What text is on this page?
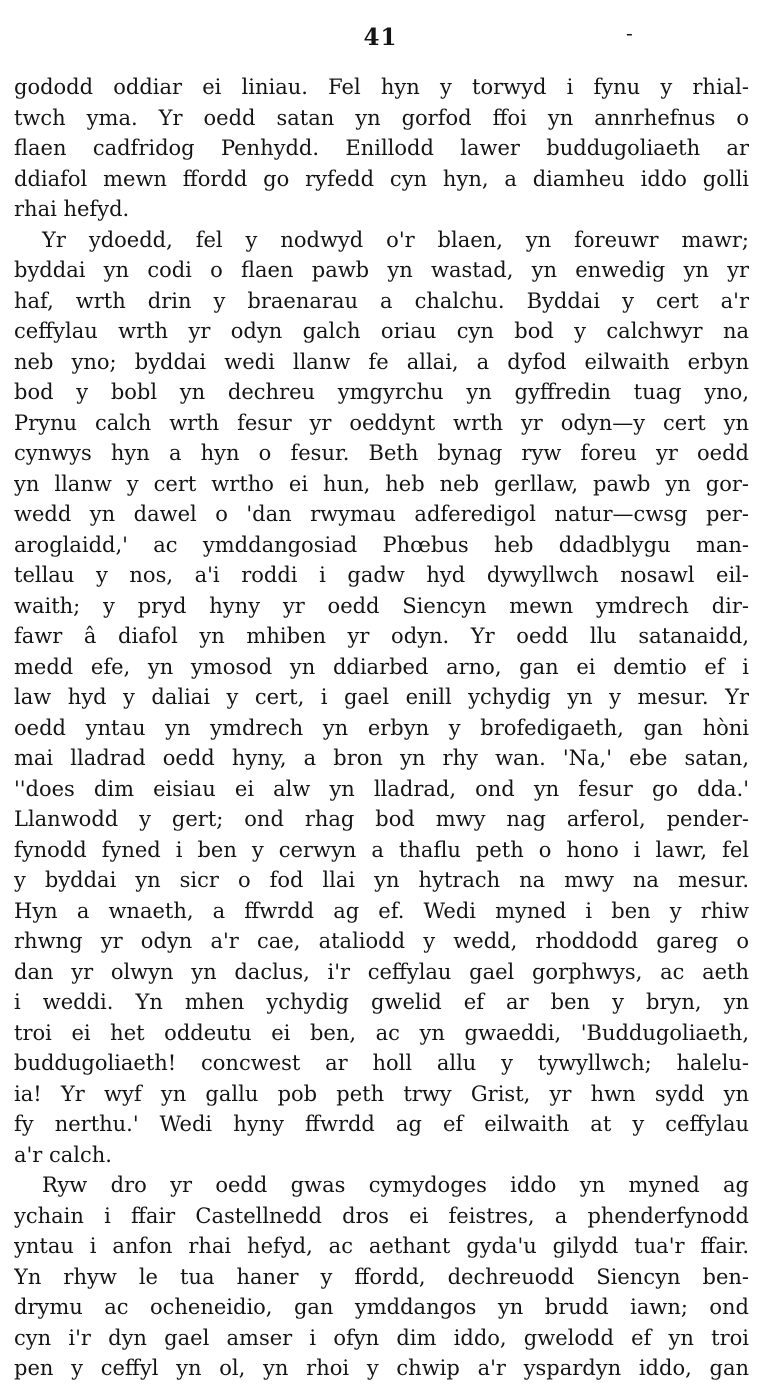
41	-
gododd oddiar ei liniau. Fel hyn y torwyd i fynu y rhial-
twch yma. Yr oedd satan yn gorfod ffoi yn annrhefnus o
flaen cadfridog Penhydd. Enillodd lawer buddugoliaeth ar
ddiafol mewn ffordd go ryfedd cyn hyn, a diamheu iddo golli
rhai hefyd.
Yr ydoedd, fel y nodwyd o'r blaen, yn foreuwr mawr;
byddai yn codi o flaen pawb yn wastad, yn enwedig yn yr
haf, wrth drin y braenarau a chalchu. Byddai y cert a'r
ceffylau wrth yr odyn galch oriau cyn bod y calchwyr na
neb yno; byddai wedi llanw fe allai, a dyfod eilwaith erbyn
bod y bobl yn dechreu ymgyrchu yn gyffredin tuag yno,
Prynu calch wrth fesur yr oeddynt wrth yr odyn—y cert yn
cynwys hyn a hyn o fesur. Beth bynag ryw foreu yr oedd
yn llanw y cert wrtho ei hun, heb neb gerllaw, pawb yn gor-
wedd yn dawel o 'dan rwymau adferedigol natur—cwsg per-
aroglaidd,' ac ymddangosiad Phœbus heb ddadblygu man-
tellau y nos, a'i roddi i gadw hyd dywyllwch nosawl eil-
waith; y pryd hyny yr oedd Siencyn mewn ymdrech dir-
fawr â diafol yn mhiben yr odyn. Yr oedd llu satanaidd,
medd efe, yn ymosod yn ddiarbed arno, gan ei demtio ef i
law hyd y daliai y cert, i gael enill ychydig yn y mesur. Yr
oedd yntau yn ymdrech yn erbyn y brofedigaeth, gan hòni
mai lladrad oedd hyny, a bron yn rhy wan. 'Na,' ebe satan,
''does dim eisiau ei alw yn lladrad, ond yn fesur go dda.'
Llanwodd y gert; ond rhag bod mwy nag arferol, pender-
fynodd fyned i ben y cerwyn a thaflu peth o hono i lawr, fel
y byddai yn sicr o fod llai yn hytrach na mwy na mesur.
Hyn a wnaeth, a ffwrdd ag ef. Wedi myned i ben y rhiw
rhwng yr odyn a'r cae, ataliodd y wedd, rhoddodd gareg o
dan yr olwyn yn daclus, i'r ceffylau gael gorphwys, ac aeth
i weddi. Yn mhen ychydig gwelid ef ar ben y bryn, yn
troi ei het oddeutu ei ben, ac yn gwaeddi, 'Buddugoliaeth,
buddugoliaeth! concwest ar holl allu y tywyllwch; halelu-
ia! Yr wyf yn gallu pob peth trwy Grist, yr hwn sydd yn
fy nerthu.' Wedi hyny ffwrdd ag ef eilwaith at y ceffylau
a'r calch.
Ryw dro yr oedd gwas cymydoges iddo yn myned ag
ychain i ffair Castellnedd dros ei feistres, a phenderfynodd
yntau i anfon rhai hefyd, ac aethant gyda'u gilydd tua'r ffair.
Yn rhyw le tua haner y ffordd, dechreuodd Siencyn ben-
drymu ac ocheneidio, gan ymddangos yn brudd iawn; ond
cyn i'r dyn gael amser i ofyn dim iddo, gwelodd ef yn troi
pen y ceffyl yn ol, yn rhoi y chwip a'r yspardyn iddo, gan
